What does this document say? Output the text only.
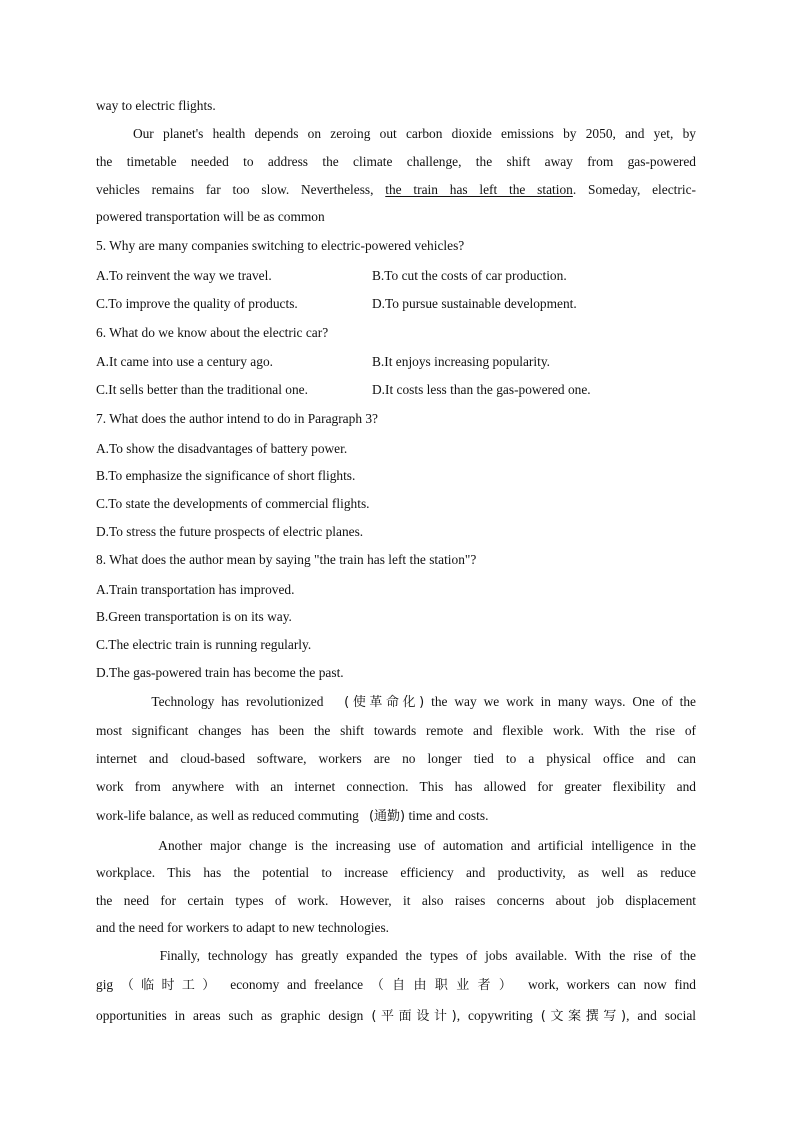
way to electric flights.
Our planet's health depends on zeroing out carbon dioxide emissions by 2050, and yet, by
the timetable needed to address the climate challenge, the shift away from gas-powered
vehicles remains far too slow. Nevertheless, the train has left the station. Someday, electric-
powered transportation will be as common
5. Why are many companies switching to electric-powered vehicles?
A.To reinvent the way we travel.	B.To cut the costs of car production.
C.To improve the quality of products.	D.To pursue sustainable development.
6. What do we know about the electric car?
A.It came into use a century ago.	B.It enjoys increasing popularity.
C.It sells better than the traditional one.	D.It costs less than the gas-powered one.
7. What does the author intend to do in Paragraph 3?
A.To show the disadvantages of battery power.
B.To emphasize the significance of short flights.
C.To state the developments of commercial flights.
D.To stress the future prospects of electric planes.
8. What does the author mean by saying "the train has left the station"?
A.Train transportation has improved.
B.Green transportation is on its way.
C.The electric train is running regularly.
D.The gas-powered train has become the past.
Technology has revolutionized (使革命化) the way we work in many ways. One of the
most significant changes has been the shift towards remote and flexible work. With the rise of
internet and cloud-based software, workers are no longer tied to a physical office and can
work from anywhere with an internet connection. This has allowed for greater flexibility and
work-life balance, as well as reduced commuting (通勤) time and costs.
Another major change is the increasing use of automation and artificial intelligence in the
workplace. This has the potential to increase efficiency and productivity, as well as reduce
the need for certain types of work. However, it also raises concerns about job displacement
and the need for workers to adapt to new technologies.
Finally, technology has greatly expanded the types of jobs available. With the rise of the
gig （临时工） economy and freelance （自由职业者） work, workers can now find
opportunities in areas such as graphic design (平面设计), copywriting (文案撰写), and social
